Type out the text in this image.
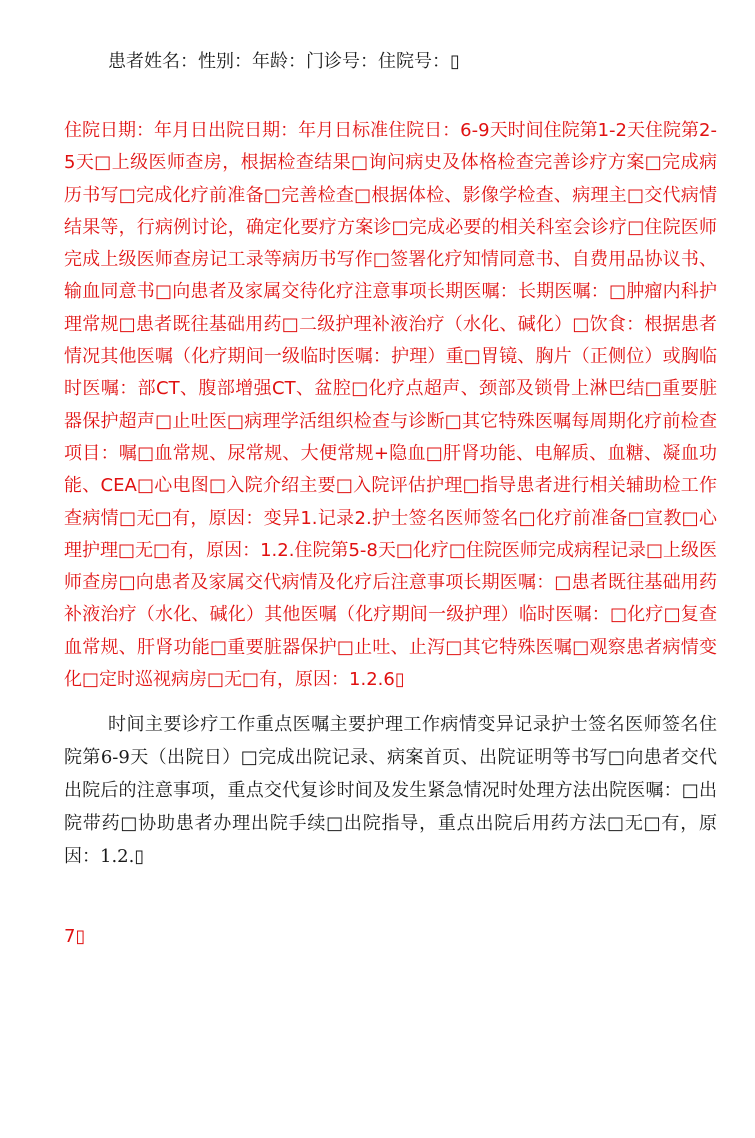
患者姓名：性别：年龄：门诊号：住院号：▯

住院日期：年月日出院日期：年月日标准住院日：6-9天时间住院第1-2天住院第2-5天□上级医师查房，根据检查结果□询问病史及体格检查完善诊疗方案□完成病历书写□完成化疗前准备□完善检查□根据体检、影像学检查、病理主□交代病情结果等，行病例讨论，确定化要疗方案诊□完成必要的相关科室会诊疗□住院医师完成上级医师查房记工录等病历书写作□签署化疗知情同意书、自费用品协议书、输血同意书□向患者及家属交待化疗注意事项长期医嘱：长期医嘱：□肿瘤内科护理常规□患者既往基础用药□二级护理补液治疗（水化、碱化）□饮食：根据患者情况其他医嘱（化疗期间一级临时医嘱：护理）重□胃镜、胸片（正侧位）或胸临时医嘱：部CT、腹部增强CT、盆腔□化疗点超声、颈部及锁骨上淋巴结□重要脏器保护超声□止吐医□病理学活组织检查与诊断□其它特殊医嘱每周期化疗前检查项目：嘱□血常规、尿常规、大便常规+隐血□肝肾功能、电解质、血糖、凝血功能、CEA□心电图□入院介绍主要□入院评估护理□指导患者进行相关辅助检工作查病情□无□有，原因：变异1.记录2.护士签名医师签名□化疗前准备□宣教□心理护理□无□有，原因：1.2.住院第5-8天□化疗□住院医师完成病程记录□上级医师查房□向患者及家属交代病情及化疗后注意事项长期医嘱：□患者既往基础用药补液治疗（水化、碱化）其他医嘱（化疗期间一级护理）临时医嘱：□化疗□复查血常规、肝肾功能□重要脏器保护□止吐、止泻□其它特殊医嘱□观察患者病情变化□定时巡视病房□无□有，原因：1.2.6▯

时间主要诊疗工作重点医嘱主要护理工作病情变异记录护士签名医师签名住院第6-9天（出院日）□完成出院记录、病案首页、出院证明等书写□向患者交代出院后的注意事项，重点交代复诊时间及发生紧急情况时处理方法出院医嘱：□出院带药□协助患者办理出院手续□出院指导，重点出院后用药方法□无□有，原因：1.2.▯

7▯
